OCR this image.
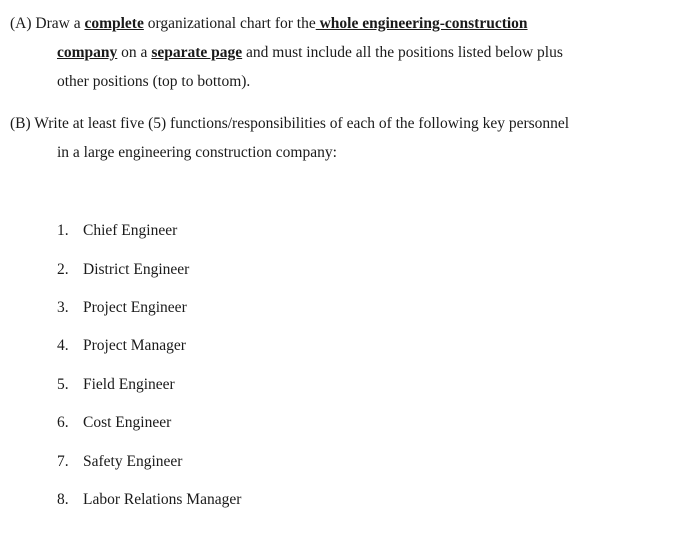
(A) Draw a complete organizational chart for the whole engineering-construction
company on a separate page and must include all the positions listed below plus
other positions (top to bottom).
(B) Write at least five (5) functions/responsibilities of each of the following key personnel
in a large engineering construction company:
1. Chief Engineer
2. District Engineer
3. Project Engineer
4. Project Manager
5. Field Engineer
6. Cost Engineer
7. Safety Engineer
8. Labor Relations Manager
